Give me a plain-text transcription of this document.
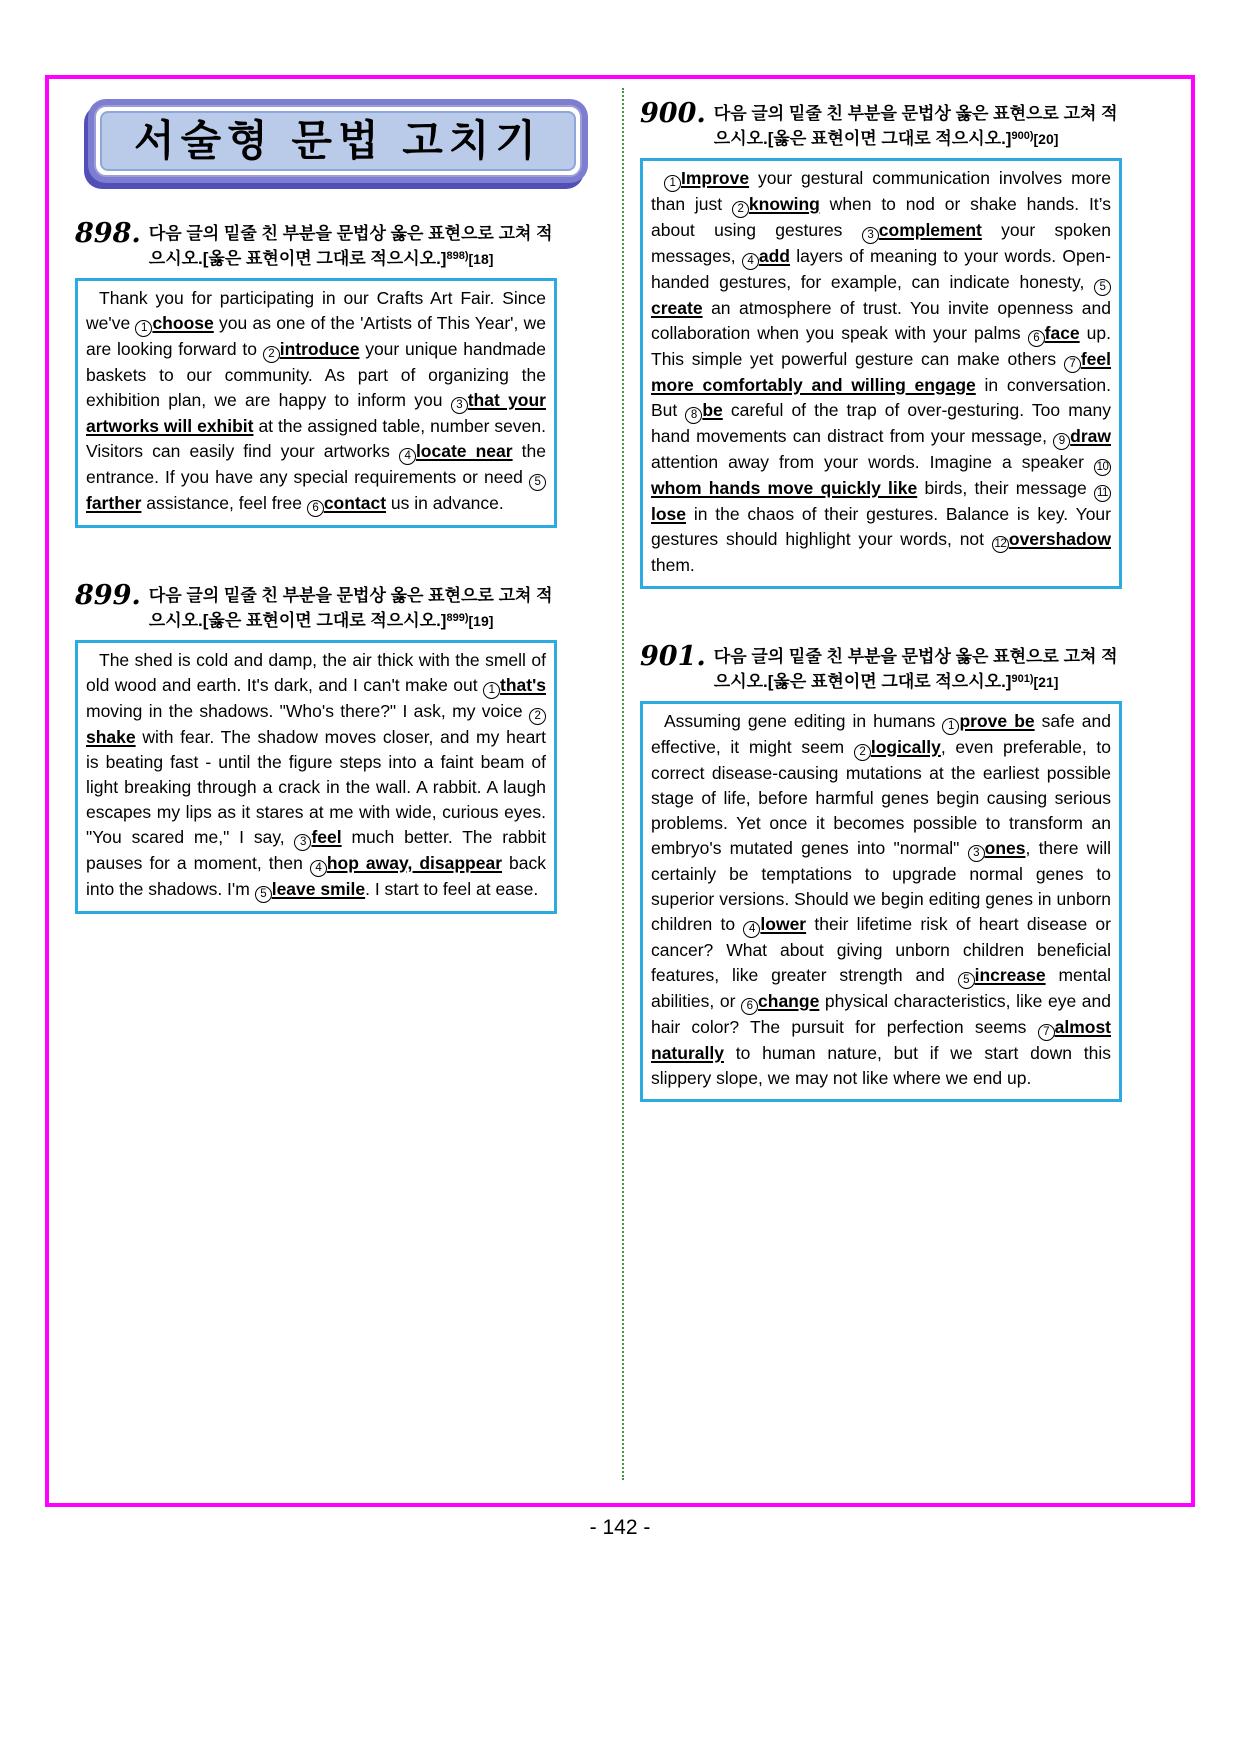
서술형 문법 고치기
898. 다음 글의 밑줄 친 부분을 문법상 옳은 표현으로 고쳐 적으시오.[옳은 표현이면 그대로 적으시오.]$^{898)}$[18]
Thank you for participating in our Crafts Art Fair. Since we've 1 choose you as one of the 'Artists of This Year', we are looking forward to 2 introduce your unique handmade baskets to our community. As part of organizing the exhibition plan, we are happy to inform you 3 that your artworks will exhibit at the assigned table, number seven. Visitors can easily find your artworks 4 locate near the entrance. If you have any special requirements or need 5farther assistance, feel free 6 contact us in advance.
899. 다음 글의 밑줄 친 부분을 문법상 옳은 표현으로 고쳐 적으시오.[옳은 표현이면 그대로 적으시오.]$^{899)}$[19]
The shed is cold and damp, the air thick with the smell of old wood and earth. It's dark, and I can't make out 1 that's moving in the shadows. "Who's there?" I ask, my voice 2shake with fear. The shadow moves closer, and my heart is beating fast - until the figure steps into a faint beam of light breaking through a crack in the wall. A rabbit. A laugh escapes my lips as it stares at me with wide, curious eyes. "You scared me," I say, 3 feel much better. The rabbit pauses for a moment, then 4 hop away, disappear back into the shadows. I'm 5 leave smile. I start to feel at ease.
900. 다음 글의 밑줄 친 부분을 문법상 옳은 표현으로 고쳐 적으시오.[옳은 표현이면 그대로 적으시오.]$^{900)}$[20]
1 Improve your gestural communication involves more than just 2 knowing when to nod or shake hands. It’s about using gestures 3 complement your spoken messages, 4 add layers of meaning to your words. Open-handed gestures, for example, can indicate honesty, 5create an atmosphere of trust. You invite openness and collaboration when you speak with your palms 6 face up. This simple yet powerful gesture can make others 7 feel more comfortably and willing engage in conversation. But 8 be careful of the trap of over-gesturing. Too many hand movements can distract from your message, 9 draw attention away from your words. Imagine a speaker 10whom hands move quickly like birds, their message 11lose in the chaos of their gestures. Balance is key. Your gestures should highlight your words, not 12 overshadow them.
901. 다음 글의 밑줄 친 부분을 문법상 옳은 표현으로 고쳐 적으시오.[옳은 표현이면 그대로 적으시오.]$^{901)}$[21]
Assuming gene editing in humans 1 prove be safe and effective, it might seem 2 logically, even preferable, to correct disease-causing mutations at the earliest possible stage of life, before harmful genes begin causing serious problems. Yet once it becomes possible to transform an embryo's mutated genes into "normal" 3 ones, there will certainly be temptations to upgrade normal genes to superior versions. Should we begin editing genes in unborn children to 4 lower their lifetime risk of heart disease or cancer? What about giving unborn children beneficial features, like greater strength and 5 increase mental abilities, or 6 change physical characteristics, like eye and hair color? The pursuit for perfection seems 7 almost naturally to human nature, but if we start down this slippery slope, we may not like where we end up.
- 142 -
